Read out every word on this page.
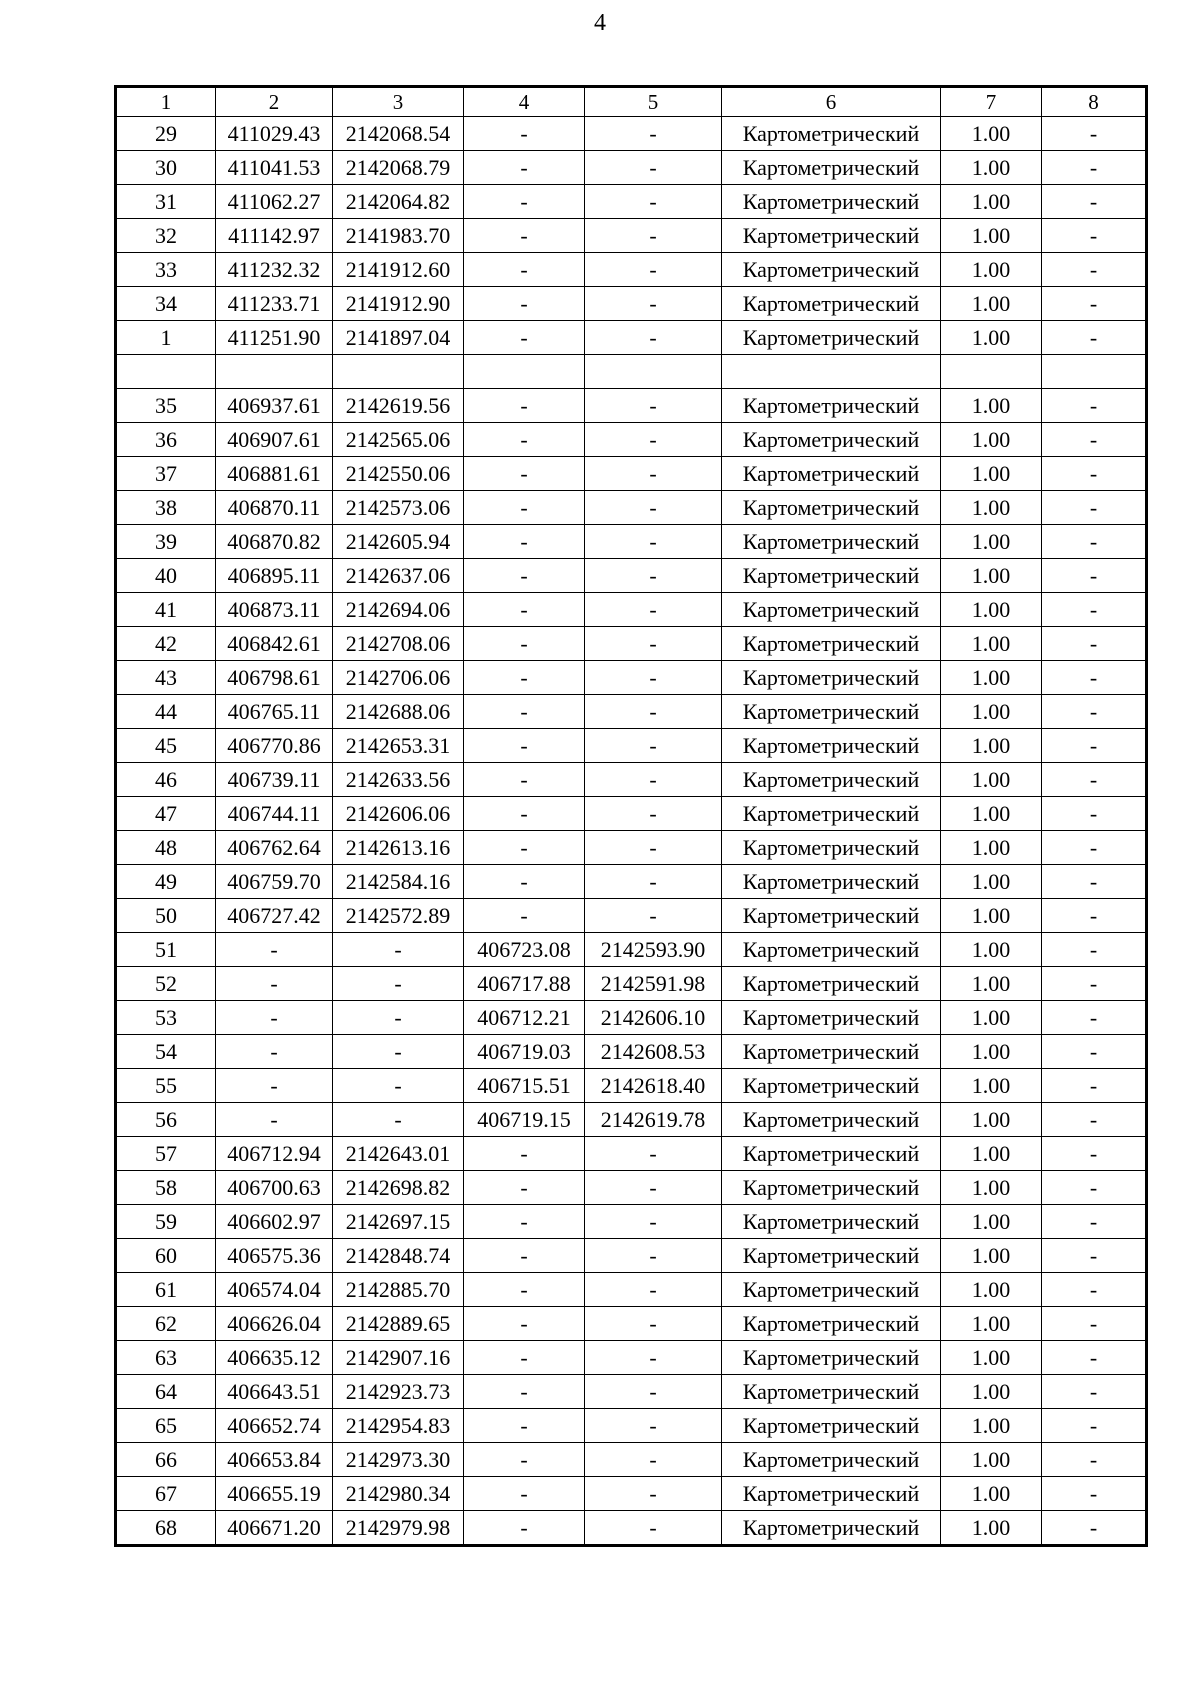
4
1	2	3	4	5	6	7	8
29	411029.43	2142068.54	-	-	Картометрический	1.00	-
30	411041.53	2142068.79	-	-	Картометрический	1.00	-
31	411062.27	2142064.82	-	-	Картометрический	1.00	-
32	411142.97	2141983.70	-	-	Картометрический	1.00	-
33	411232.32	2141912.60	-	-	Картометрический	1.00	-
34	411233.71	2141912.90	-	-	Картометрический	1.00	-
1	411251.90	2141897.04	-	-	Картометрический	1.00	-

35	406937.61	2142619.56	-	-	Картометрический	1.00	-
36	406907.61	2142565.06	-	-	Картометрический	1.00	-
37	406881.61	2142550.06	-	-	Картометрический	1.00	-
38	406870.11	2142573.06	-	-	Картометрический	1.00	-
39	406870.82	2142605.94	-	-	Картометрический	1.00	-
40	406895.11	2142637.06	-	-	Картометрический	1.00	-
41	406873.11	2142694.06	-	-	Картометрический	1.00	-
42	406842.61	2142708.06	-	-	Картометрический	1.00	-
43	406798.61	2142706.06	-	-	Картометрический	1.00	-
44	406765.11	2142688.06	-	-	Картометрический	1.00	-
45	406770.86	2142653.31	-	-	Картометрический	1.00	-
46	406739.11	2142633.56	-	-	Картометрический	1.00	-
47	406744.11	2142606.06	-	-	Картометрический	1.00	-
48	406762.64	2142613.16	-	-	Картометрический	1.00	-
49	406759.70	2142584.16	-	-	Картометрический	1.00	-
50	406727.42	2142572.89	-	-	Картометрический	1.00	-
51	-	-	406723.08	2142593.90	Картометрический	1.00	-
52	-	-	406717.88	2142591.98	Картометрический	1.00	-
53	-	-	406712.21	2142606.10	Картометрический	1.00	-
54	-	-	406719.03	2142608.53	Картометрический	1.00	-
55	-	-	406715.51	2142618.40	Картометрический	1.00	-
56	-	-	406719.15	2142619.78	Картометрический	1.00	-
57	406712.94	2142643.01	-	-	Картометрический	1.00	-
58	406700.63	2142698.82	-	-	Картометрический	1.00	-
59	406602.97	2142697.15	-	-	Картометрический	1.00	-
60	406575.36	2142848.74	-	-	Картометрический	1.00	-
61	406574.04	2142885.70	-	-	Картометрический	1.00	-
62	406626.04	2142889.65	-	-	Картометрический	1.00	-
63	406635.12	2142907.16	-	-	Картометрический	1.00	-
64	406643.51	2142923.73	-	-	Картометрический	1.00	-
65	406652.74	2142954.83	-	-	Картометрический	1.00	-
66	406653.84	2142973.30	-	-	Картометрический	1.00	-
67	406655.19	2142980.34	-	-	Картометрический	1.00	-
68	406671.20	2142979.98	-	-	Картометрический	1.00	-
